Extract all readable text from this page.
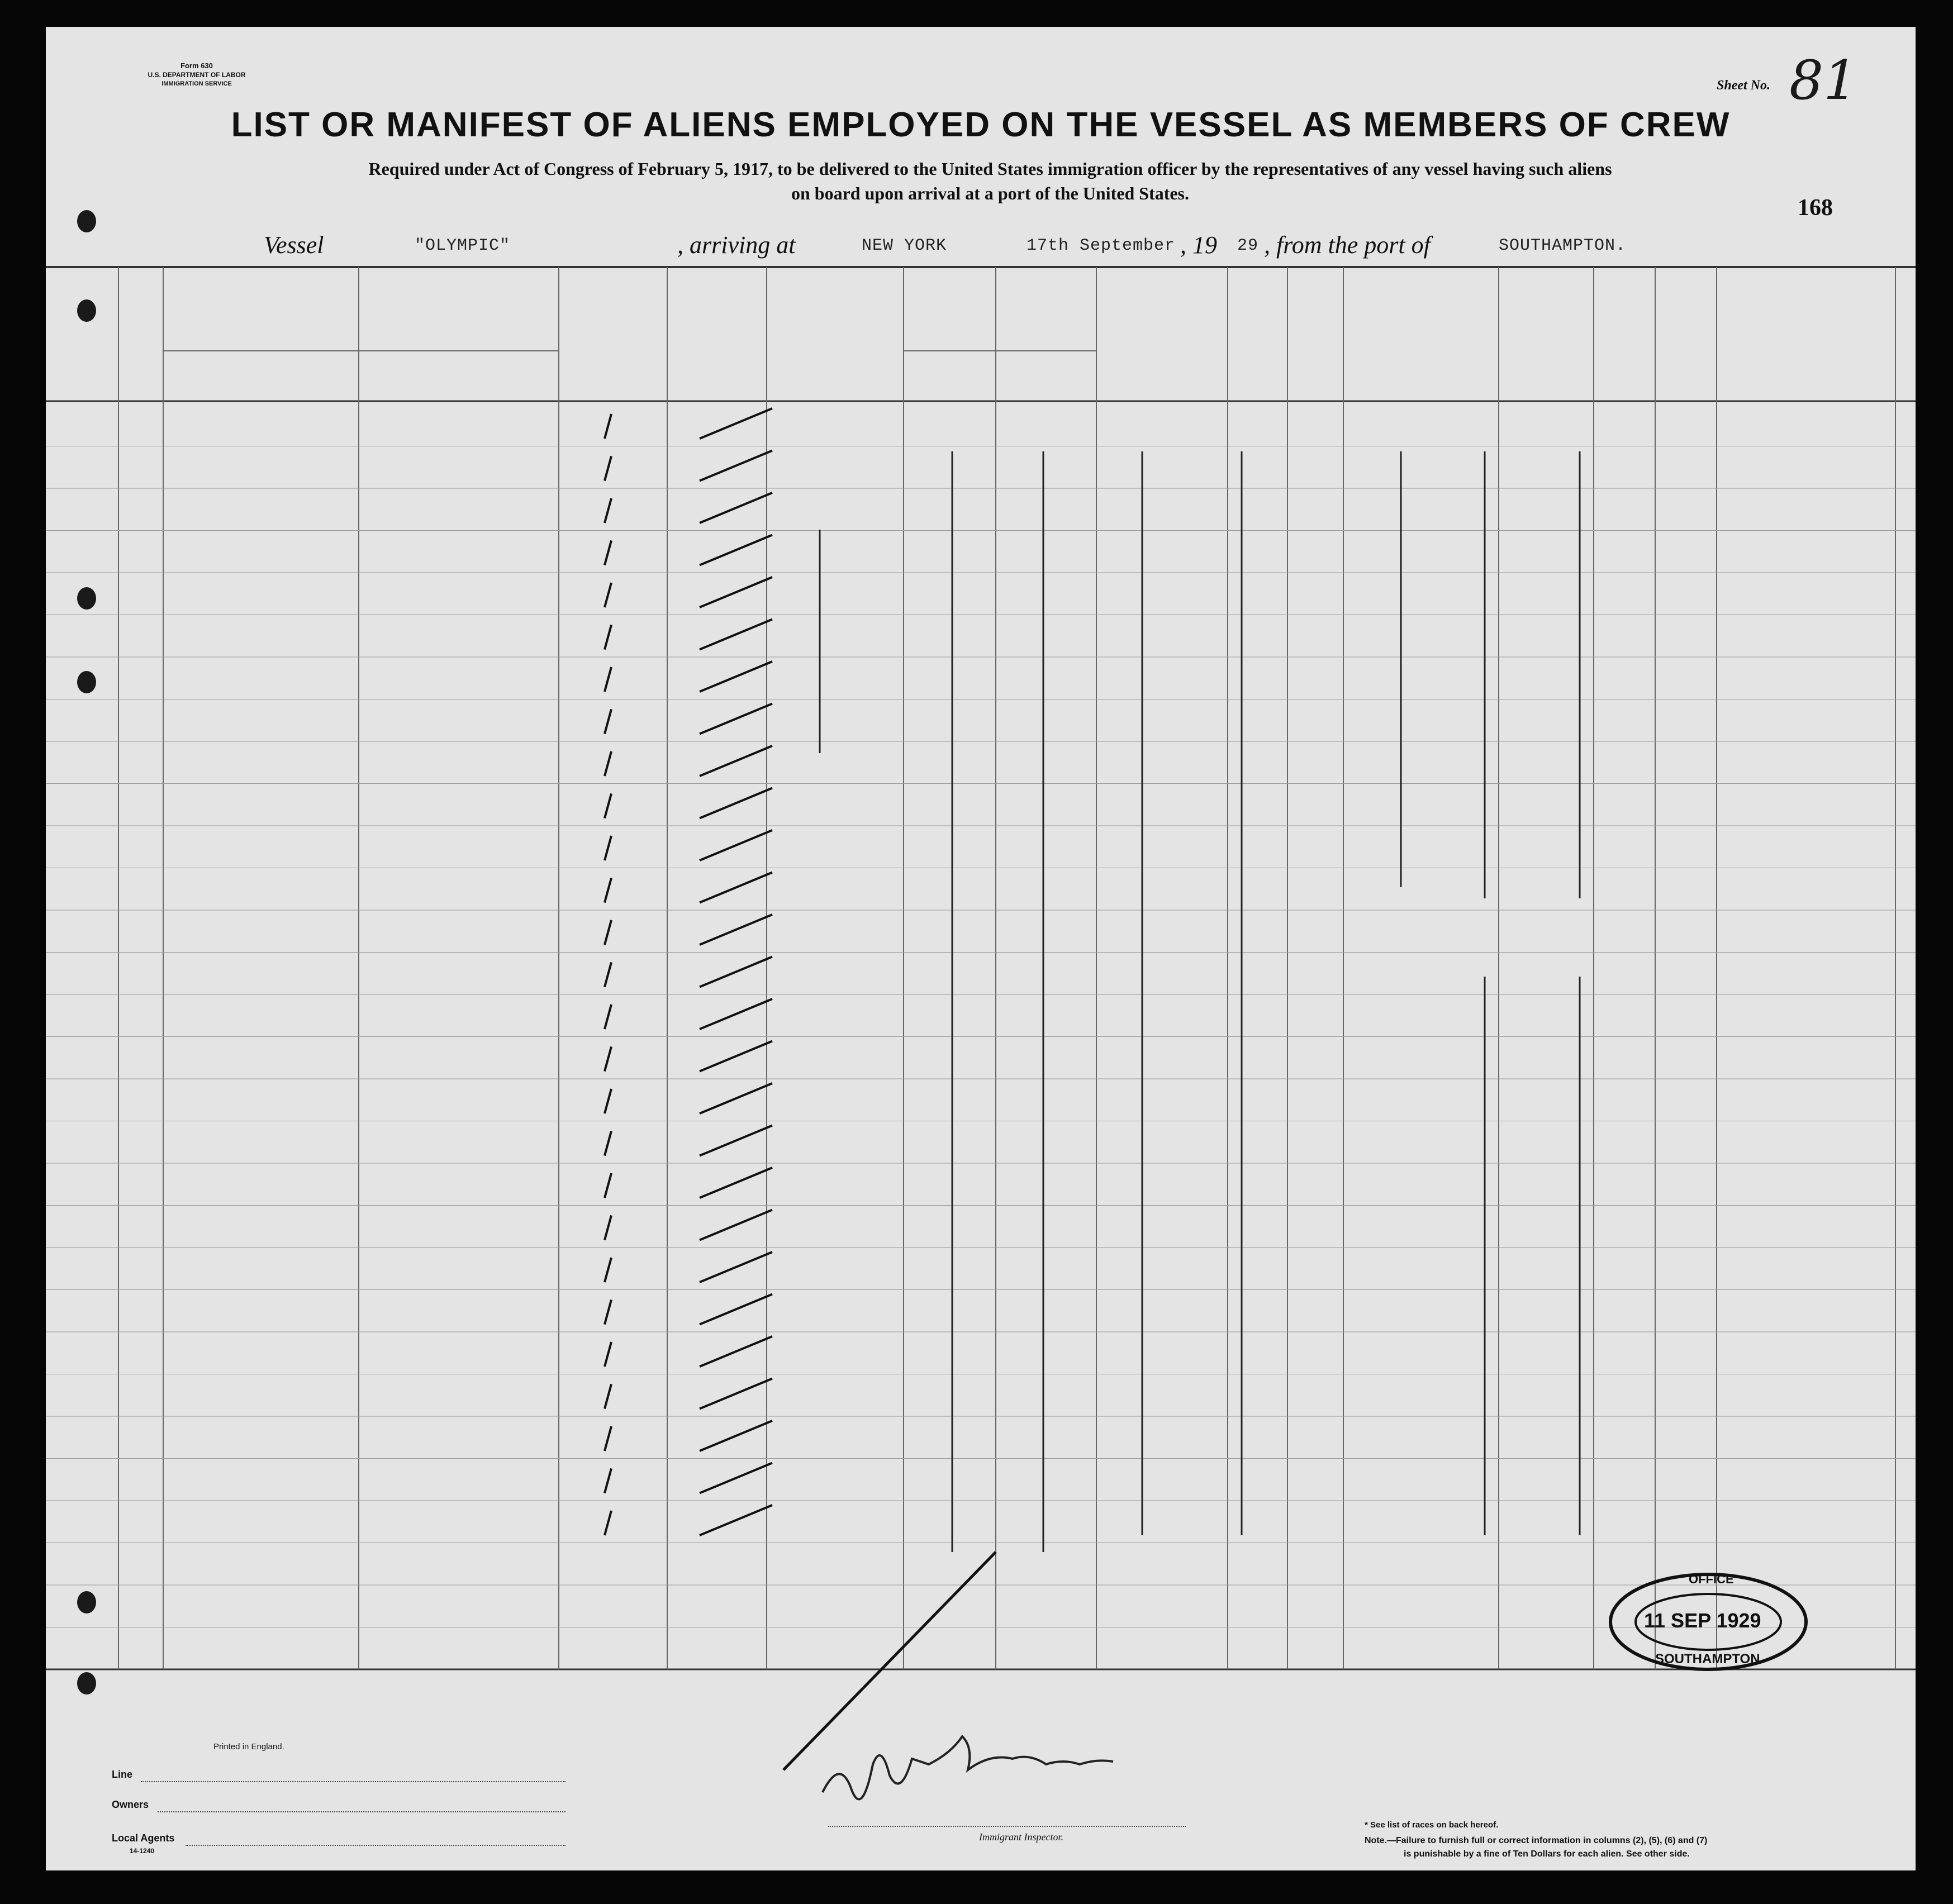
Form 630
U.S. DEPARTMENT OF LABOR
IMMIGRATION SERVICE	Sheet No. 81
LIST OR MANIFEST OF ALIENS EMPLOYED ON THE VESSEL AS MEMBERS OF CREW
Required under Act of Congress of February 5, 1917, to be delivered to the United States immigration officer by the representatives of any vessel having such aliens
on board upon arrival at a port of the United States.
168
Vessel	"OLYMPIC"	, arriving at	NEW YORK	17th September , 19 29 , from the port of	SOUTHAMPTON.
OFFICE
11 SEP 1929
SOUTHAMPTON
Printed in England.
Line
Owners
Local Agents
14-1240
Immigrant Inspector.
* See list of races on back hereof.
Note.—Failure to furnish full or correct information in columns (2), (5), (6) and (7)
is punishable by a fine of Ten Dollars for each alien. See other side.
